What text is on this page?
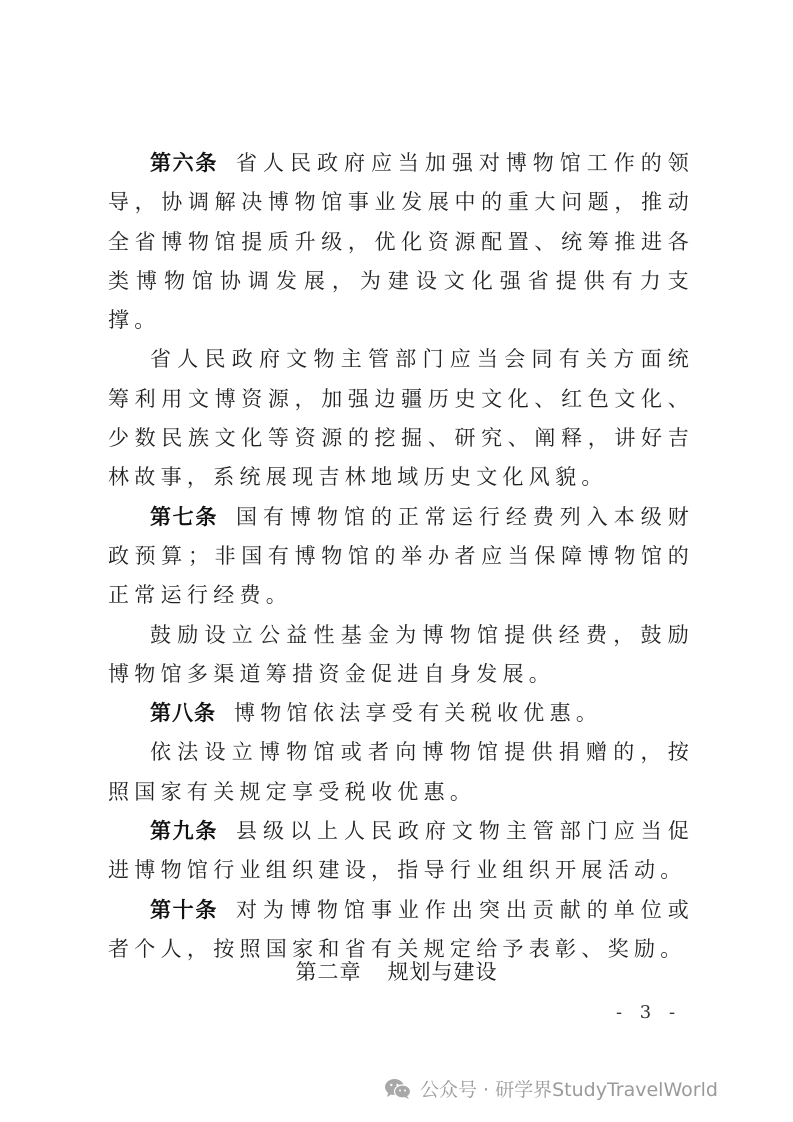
第六条 省人民政府应当加强对博物馆工作的领导，协调解决博物馆事业发展中的重大问题，推动全省博物馆提质升级，优化资源配置、统筹推进各类博物馆协调发展，为建设文化强省提供有力支撑。

省人民政府文物主管部门应当会同有关方面统筹利用文博资源，加强边疆历史文化、红色文化、少数民族文化等资源的挖掘、研究、阐释，讲好吉林故事，系统展现吉林地域历史文化风貌。

第七条 国有博物馆的正常运行经费列入本级财政预算；非国有博物馆的举办者应当保障博物馆的正常运行经费。

鼓励设立公益性基金为博物馆提供经费，鼓励博物馆多渠道筹措资金促进自身发展。

第八条 博物馆依法享受有关税收优惠。

依法设立博物馆或者向博物馆提供捐赠的，按照国家有关规定享受税收优惠。

第九条 县级以上人民政府文物主管部门应当促进博物馆行业组织建设，指导行业组织开展活动。

第十条 对为博物馆事业作出突出贡献的单位或者个人，按照国家和省有关规定给予表彰、奖励。

第二章 规划与建设
- 3 -
公众号 · 研学界StudyTravelWorld
